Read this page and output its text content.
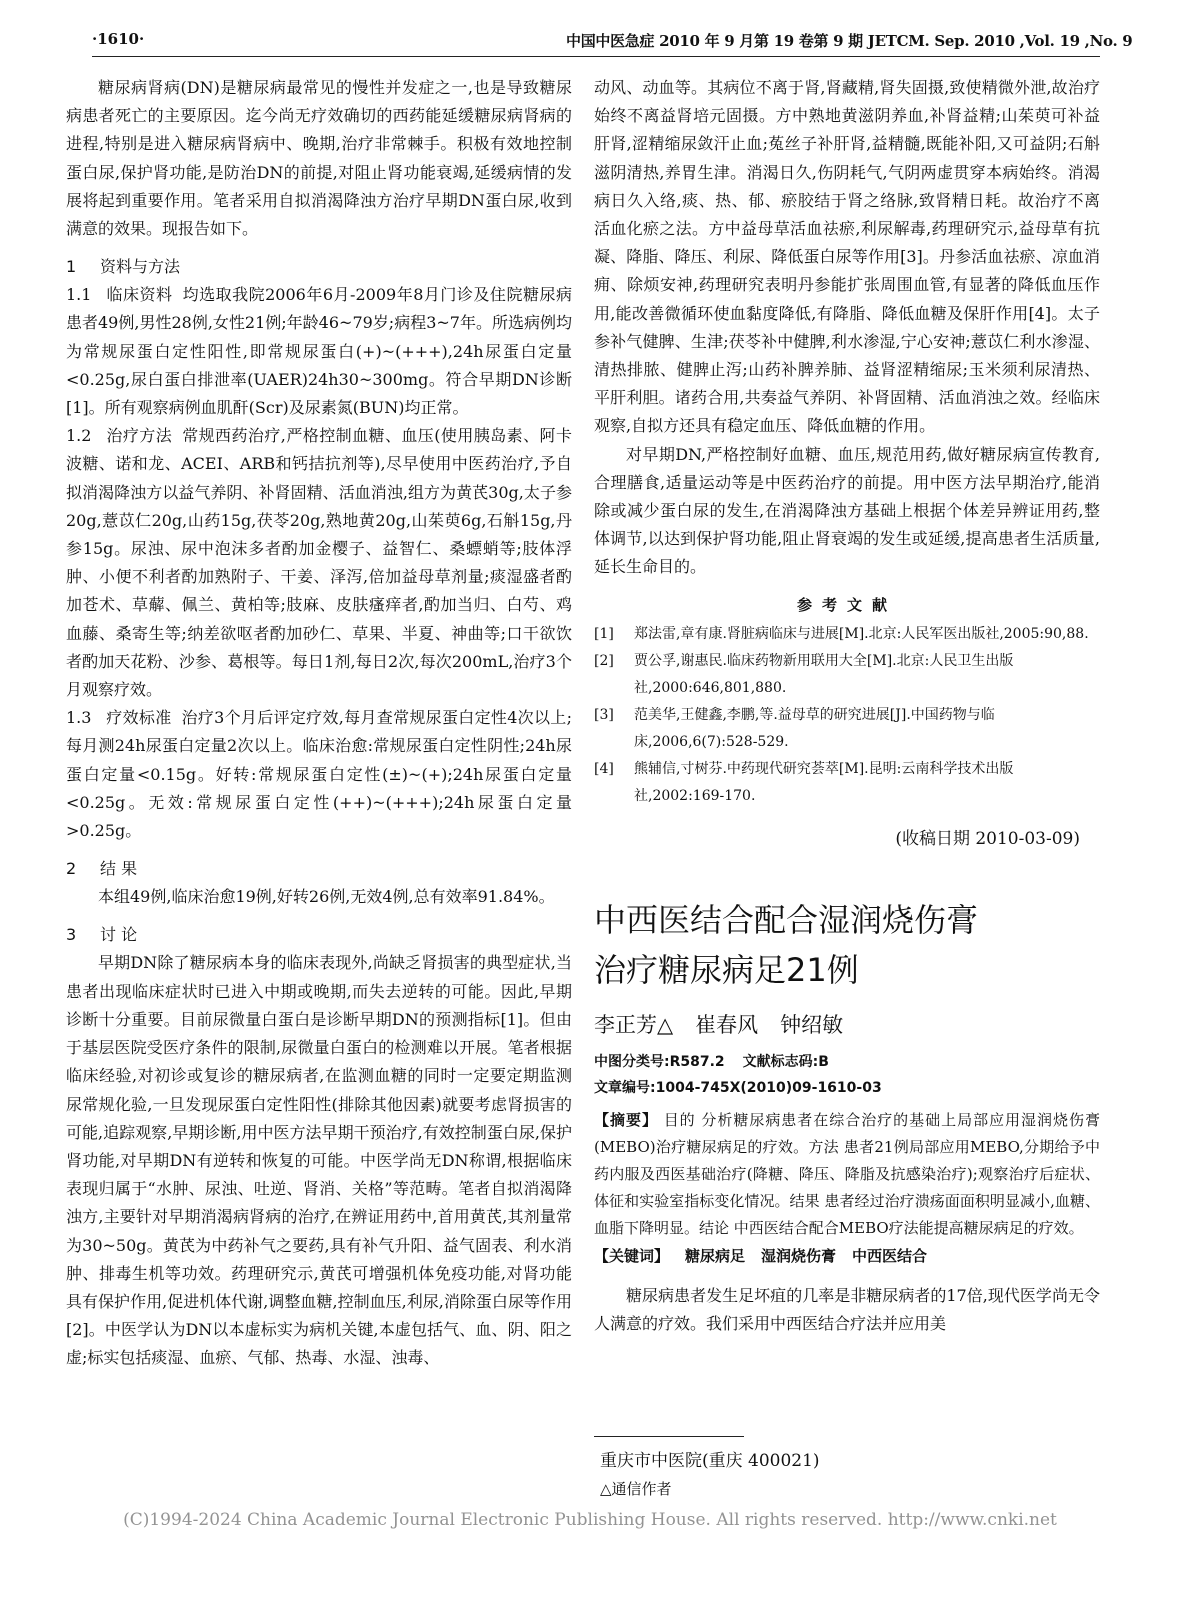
·1610·	中国中医急症 2010 年 9 月第 19 卷第 9 期 JETCM. Sep. 2010 ,Vol. 19 ,No. 9

糖尿病肾病(DN)是糖尿病最常见的慢性并发症之一,也是导致糖尿病患者死亡的主要原因。迄今尚无疗效确切的西药能延缓糖尿病肾病的进程,特别是进入糖尿病肾病中、晚期,治疗非常棘手。积极有效地控制蛋白尿,保护肾功能,是防治DN的前提,对阻止肾功能衰竭,延缓病情的发展将起到重要作用。笔者采用自拟消渴降浊方治疗早期DN蛋白尿,收到满意的效果。现报告如下。

1 资料与方法

1.1 临床资料 均选取我院2006年6月-2009年8月门诊及住院糖尿病患者49例,男性28例,女性21例;年龄46~79岁;病程3~7年。所选病例均为常规尿蛋白定性阳性,即常规尿蛋白(+)~(+++),24h尿蛋白定量<0.25g,尿白蛋白排泄率(UAER)24h30~300mg。符合早期DN诊断[1]。所有观察病例血肌酐(Scr)及尿素氮(BUN)均正常。

1.2 治疗方法 常规西药治疗,严格控制血糖、血压(使用胰岛素、阿卡波糖、诺和龙、ACEI、ARB和钙拮抗剂等),尽早使用中医药治疗,予自拟消渴降浊方以益气养阴、补肾固精、活血消浊,组方为黄芪30g,太子参20g,薏苡仁20g,山药15g,茯苓20g,熟地黄20g,山茱萸6g,石斛15g,丹参15g。尿浊、尿中泡沫多者酌加金樱子、益智仁、桑螵蛸等;肢体浮肿、小便不利者酌加熟附子、干姜、泽泻,倍加益母草剂量;痰湿盛者酌加苍术、草薢、佩兰、黄柏等;肢麻、皮肤瘙痒者,酌加当归、白芍、鸡血藤、桑寄生等;纳差欲呕者酌加砂仁、草果、半夏、神曲等;口干欲饮者酌加天花粉、沙参、葛根等。每日1剂,每日2次,每次200mL,治疗3个月观察疗效。

1.3 疗效标准 治疗3个月后评定疗效,每月查常规尿蛋白定性4次以上;每月测24h尿蛋白定量2次以上。临床治愈:常规尿蛋白定性阴性;24h尿蛋白定量<0.15g。好转:常规尿蛋白定性(±)~(+);24h尿蛋白定量<0.25g。无效:常规尿蛋白定性(++)~(+++);24h尿蛋白定量>0.25g。

2 结 果

本组49例,临床治愈19例,好转26例,无效4例,总有效率91.84%。

3 讨 论

早期DN除了糖尿病本身的临床表现外,尚缺乏肾损害的典型症状,当患者出现临床症状时已进入中期或晚期,而失去逆转的可能。因此,早期诊断十分重要。目前尿微量白蛋白是诊断早期DN的预测指标[1]。但由于基层医院受医疗条件的限制,尿微量白蛋白的检测难以开展。笔者根据临床经验,对初诊或复诊的糖尿病者,在监测血糖的同时一定要定期监测尿常规化验,一旦发现尿蛋白定性阳性(排除其他因素)就要考虑肾损害的可能,追踪观察,早期诊断,用中医方法早期干预治疗,有效控制蛋白尿,保护肾功能,对早期DN有逆转和恢复的可能。中医学尚无DN称谓,根据临床表现归属于“水肿、尿浊、吐逆、肾消、关格”等范畴。笔者自拟消渴降浊方,主要针对早期消渴病肾病的治疗,在辨证用药中,首用黄芪,其剂量常为30~50g。黄芪为中药补气之要药,具有补气升阳、益气固表、利水消肿、排毒生机等功效。药理研究示,黄芪可增强机体免疫功能,对肾功能具有保护作用,促进机体代谢,调整血糖,控制血压,利尿,消除蛋白尿等作用[2]。中医学认为DN以本虚标实为病机关键,本虚包括气、血、阴、阳之虚;标实包括痰湿、血瘀、气郁、热毒、水湿、浊毒、

动风、动血等。其病位不离于肾,肾藏精,肾失固摄,致使精微外泄,故治疗始终不离益肾培元固摄。方中熟地黄滋阴养血,补肾益精;山茱萸可补益肝肾,涩精缩尿敛汗止血;菟丝子补肝肾,益精髓,既能补阳,又可益阴;石斛滋阴清热,养胃生津。消渴日久,伤阴耗气,气阴两虚贯穿本病始终。消渴病日久入络,痰、热、郁、瘀胶结于肾之络脉,致肾精日耗。故治疗不离活血化瘀之法。方中益母草活血祛瘀,利尿解毒,药理研究示,益母草有抗凝、降脂、降压、利尿、降低蛋白尿等作用[3]。丹参活血祛瘀、凉血消痈、除烦安神,药理研究表明丹参能扩张周围血管,有显著的降低血压作用,能改善微循环使血黏度降低,有降脂、降低血糖及保肝作用[4]。太子参补气健脾、生津;茯苓补中健脾,利水渗湿,宁心安神;薏苡仁利水渗湿、清热排脓、健脾止泻;山药补脾养肺、益肾涩精缩尿;玉米须利尿清热、平肝利胆。诸药合用,共奏益气养阴、补肾固精、活血消浊之效。经临床观察,自拟方还具有稳定血压、降低血糖的作用。

对早期DN,严格控制好血糖、血压,规范用药,做好糖尿病宣传教育,合理膳食,适量运动等是中医药治疗的前提。用中医方法早期治疗,能消除或减少蛋白尿的发生,在消渴降浊方基础上根据个体差异辨证用药,整体调节,以达到保护肾功能,阻止肾衰竭的发生或延缓,提高患者生活质量,延长生命目的。

参考文献
[1]	郑法雷,章有康.肾脏病临床与进展[M].北京:人民军医出版社,2005:90,88.
[2]	贾公孚,谢惠民.临床药物新用联用大全[M].北京:人民卫生出版社,2000:646,801,880.
[3]	范美华,王健鑫,李鹏,等.益母草的研究进展[J].中国药物与临床,2006,6(7):528-529.
[4]	熊辅信,寸树芬.中药现代研究荟萃[M].昆明:云南科学技术出版社,2002:169-170.
(收稿日期 2010-03-09)
中西医结合配合湿润烧伤膏
治疗糖尿病足21例
李正芳△ 崔春风 钟绍敏
中图分类号:R587.2 文献标志码:B
文章编号:1004-745X(2010)09-1610-03

【摘要】 目的 分析糖尿病患者在综合治疗的基础上局部应用湿润烧伤膏(MEBO)治疗糖尿病足的疗效。方法 患者21例局部应用MEBO,分期给予中药内服及西医基础治疗(降糖、降压、降脂及抗感染治疗);观察治疗后症状、体征和实验室指标变化情况。结果 患者经过治疗溃疡面面积明显减小,血糖、血脂下降明显。结论 中西医结合配合MEBO疗法能提高糖尿病足的疗效。

【关键词】 糖尿病足 湿润烧伤膏 中西医结合

糖尿病患者发生足坏疽的几率是非糖尿病者的17倍,现代医学尚无令人满意的疗效。我们采用中西医结合疗法并应用美

重庆市中医院(重庆 400021)
△通信作者
(C)1994-2024 China Academic Journal Electronic Publishing House. All rights reserved. http://www.cnki.net
